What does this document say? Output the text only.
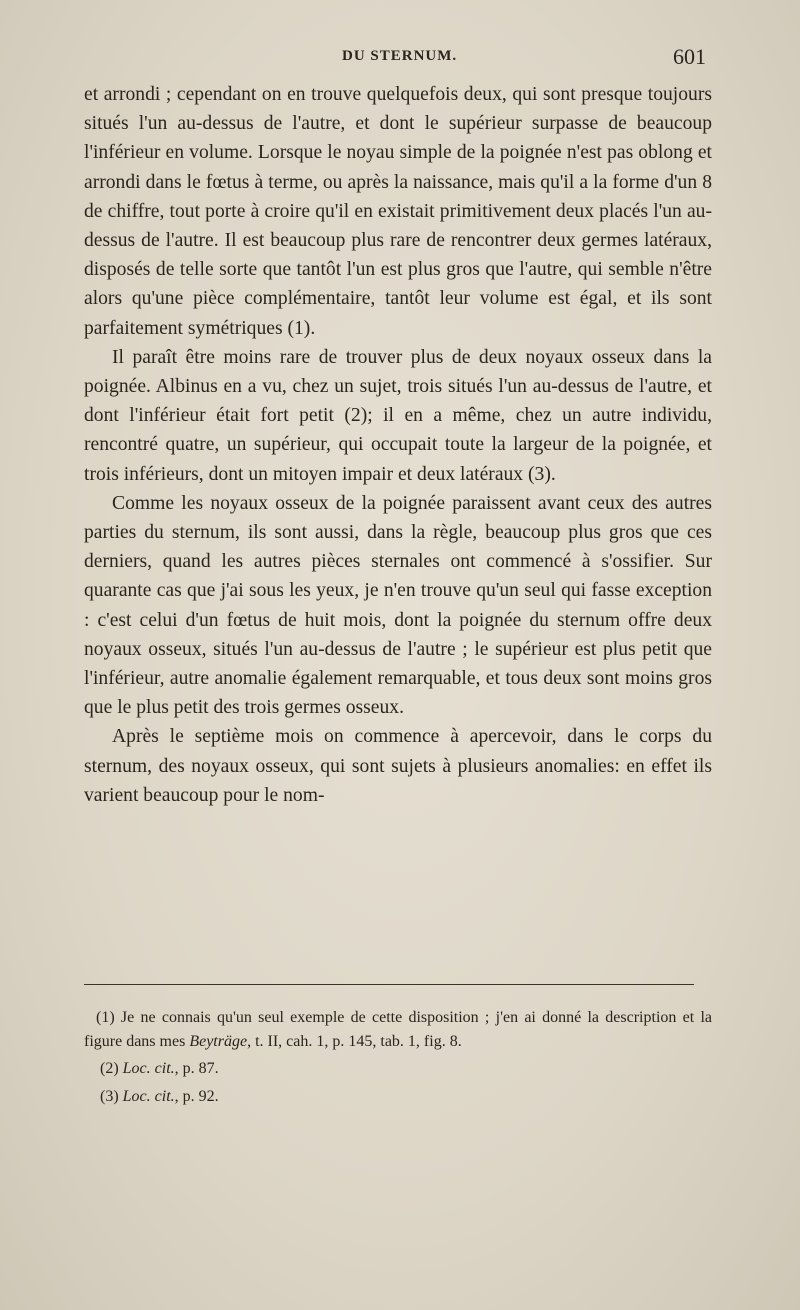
DU STERNUM.	601

et arrondi ; cependant on en trouve quelquefois deux, qui sont presque toujours situés l'un au-dessus de l'autre, et dont le supérieur surpasse de beaucoup l'inférieur en volume. Lorsque le noyau simple de la poignée n'est pas oblong et arrondi dans le fœtus à terme, ou après la naissance, mais qu'il a la forme d'un 8 de chiffre, tout porte à croire qu'il en existait primitivement deux placés l'un au-dessus de l'autre. Il est beaucoup plus rare de rencontrer deux germes latéraux, disposés de telle sorte que tantôt l'un est plus gros que l'autre, qui semble n'être alors qu'une pièce complémentaire, tantôt leur volume est égal, et ils sont parfaitement symétriques (1).

Il paraît être moins rare de trouver plus de deux noyaux osseux dans la poignée. Albinus en a vu, chez un sujet, trois situés l'un au-dessus de l'autre, et dont l'inférieur était fort petit (2); il en a même, chez un autre individu, rencontré quatre, un supérieur, qui occupait toute la largeur de la poignée, et trois inférieurs, dont un mitoyen impair et deux latéraux (3).

Comme les noyaux osseux de la poignée paraissent avant ceux des autres parties du sternum, ils sont aussi, dans la règle, beaucoup plus gros que ces derniers, quand les autres pièces sternales ont commencé à s'ossifier. Sur quarante cas que j'ai sous les yeux, je n'en trouve qu'un seul qui fasse exception : c'est celui d'un fœtus de huit mois, dont la poignée du sternum offre deux noyaux osseux, situés l'un au-dessus de l'autre ; le supérieur est plus petit que l'inférieur, autre anomalie également remarquable, et tous deux sont moins gros que le plus petit des trois germes osseux.

Après le septième mois on commence à apercevoir, dans le corps du sternum, des noyaux osseux, qui sont sujets à plusieurs anomalies: en effet ils varient beaucoup pour le nom-

(1) Je ne connais qu'un seul exemple de cette disposition ; j'en ai donné la description et la figure dans mes Beyträge, t. II, cah. 1, p. 145, tab. 1, fig. 8.

(2) Loc. cit., p. 87.

(3) Loc. cit., p. 92.
